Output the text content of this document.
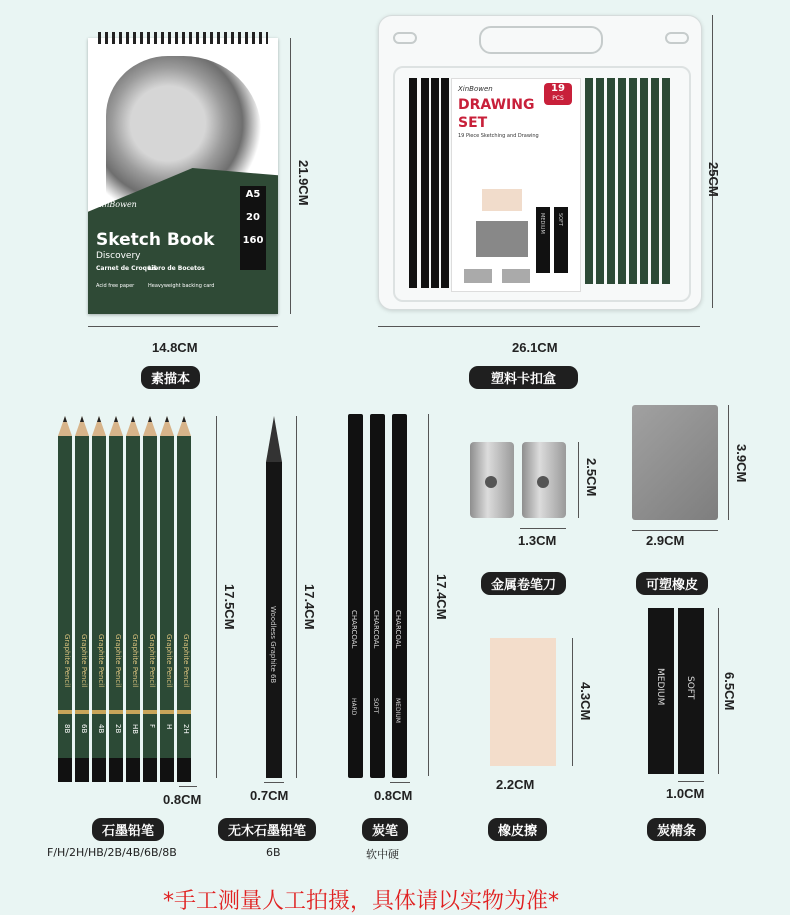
XinBowen
Sketch Book
Discovery
Carnet de Croquis
Libro de Bocetos
Acid free paper	Heavyweight backing card
A5
20
160
21.9CM
14.8CM
素描本
XinBowen
DRAWING
SET
19 Piece Sketching and Drawing
19
PCS
MEDIUM SOFT
25CM
26.1CM
塑料卡扣盒
Graphite Pencil
8B
Graphite Pencil
6B
Graphite Pencil
4B
Graphite Pencil
2B
Graphite Pencil
HB
Graphite Pencil
F
Graphite Pencil
H
Graphite Pencil
2H
17.5CM
0.8CM
石墨铅笔
F/H/2H/HB/2B/4B/6B/8B
Woodless Graphite 6B 17.4CM
0.7CM
无木石墨铅笔
6B
CHARCOAL
HARD
CHARCOAL
SOFT
CHARCOAL
MEDIUM
17.4CM
0.8CM
炭笔
软中硬
2.5CM
1.3CM
金属卷笔刀
3.9CM
2.9CM
可塑橡皮
4.3CM
2.2CM
橡皮擦
MEDIUM SOFT 6.5CM
1.0CM
炭精条
*手工测量人工拍摄，具体请以实物为准*
